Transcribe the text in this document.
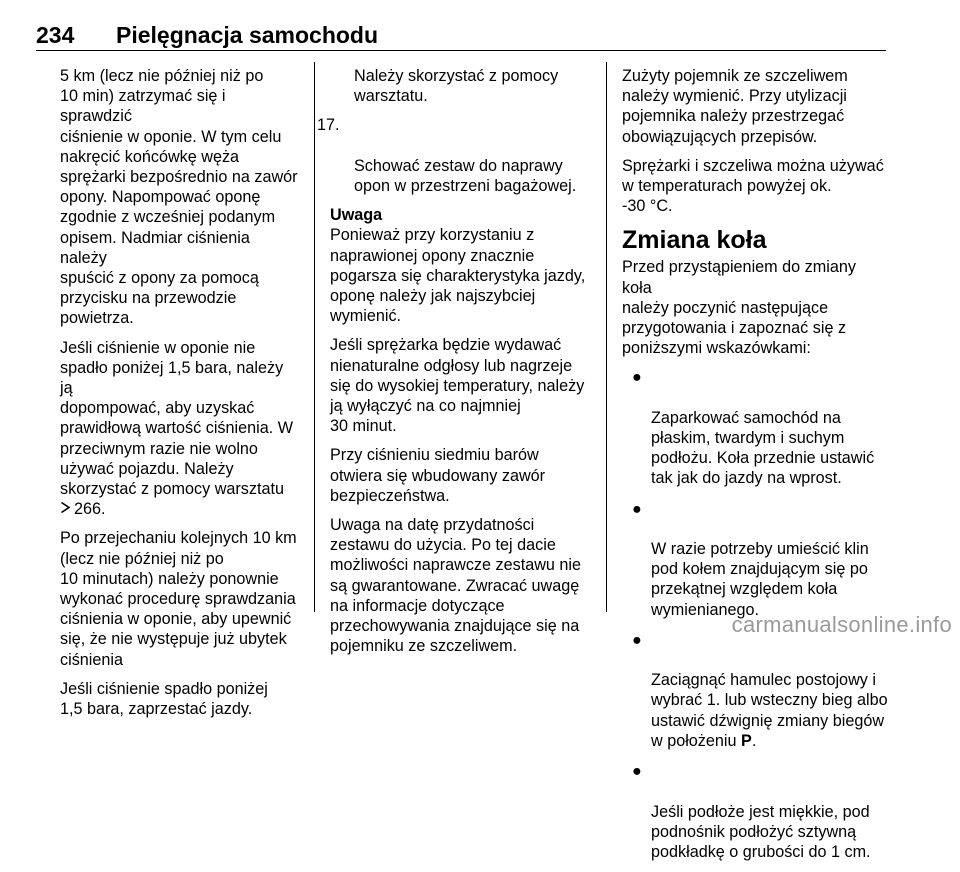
234 Pielęgnacja samochodu

5 km (lecz nie później niż po
10 min) zatrzymać się i sprawdzić
ciśnienie w oponie. W tym celu
nakręcić końcówkę węża
sprężarki bezpośrednio na zawór
opony. Napompować oponę
zgodnie z wcześniej podanym
opisem. Nadmiar ciśnienia należy
spuścić z opony za pomocą
przycisku na przewodzie
powietrza.

Jeśli ciśnienie w oponie nie
spadło poniżej 1,5 bara, należy ją
dopompować, aby uzyskać
prawidłową wartość ciśnienia. W
przeciwnym razie nie wolno
używać pojazdu. Należy
skorzystać z pomocy warsztatu
266.

Po przejechaniu kolejnych 10 km
(lecz nie później niż po
10 minutach) należy ponownie
wykonać procedurę sprawdzania
ciśnienia w oponie, aby upewnić
się, że nie występuje już ubytek
ciśnienia

Jeśli ciśnienie spadło poniżej
1,5 bara, zaprzestać jazdy.

Należy skorzystać z pomocy
warsztatu.

17.

Schować zestaw do naprawy
opon w przestrzeni bagażowej.

Uwaga

Ponieważ przy korzystaniu z
naprawionej opony znacznie
pogarsza się charakterystyka jazdy,
oponę należy jak najszybciej
wymienić.

Jeśli sprężarka będzie wydawać
nienaturalne odgłosy lub nagrzeje
się do wysokiej temperatury, należy
ją wyłączyć na co najmniej
30 minut.

Przy ciśnieniu siedmiu barów
otwiera się wbudowany zawór
bezpieczeństwa.

Uwaga na datę przydatności
zestawu do użycia. Po tej dacie
możliwości naprawcze zestawu nie
są gwarantowane. Zwracać uwagę
na informacje dotyczące
przechowywania znajdujące się na
pojemniku ze szczeliwem.

Zużyty pojemnik ze szczeliwem
należy wymienić. Przy utylizacji
pojemnika należy przestrzegać
obowiązujących przepisów.

Sprężarki i szczeliwa można używać
w temperaturach powyżej ok.
-30 °C.

Zmiana koła

Przed przystąpieniem do zmiany koła
należy poczynić następujące
przygotowania i zapoznać się z
poniższymi wskazówkami:

●

Zaparkować samochód na
płaskim, twardym i suchym
podłożu. Koła przednie ustawić
tak jak do jazdy na wprost.

●

W razie potrzeby umieścić klin
pod kołem znajdującym się po
przekątnej względem koła
wymienianego.

●

Zaciągnąć hamulec postojowy i
wybrać 1. lub wsteczny bieg albo
ustawić dźwignię zmiany biegów
w położeniu P.

●

Jeśli podłoże jest miękkie, pod
podnośnik podłożyć sztywną
podkładkę o grubości do 1 cm.

carmanualsonline.info
